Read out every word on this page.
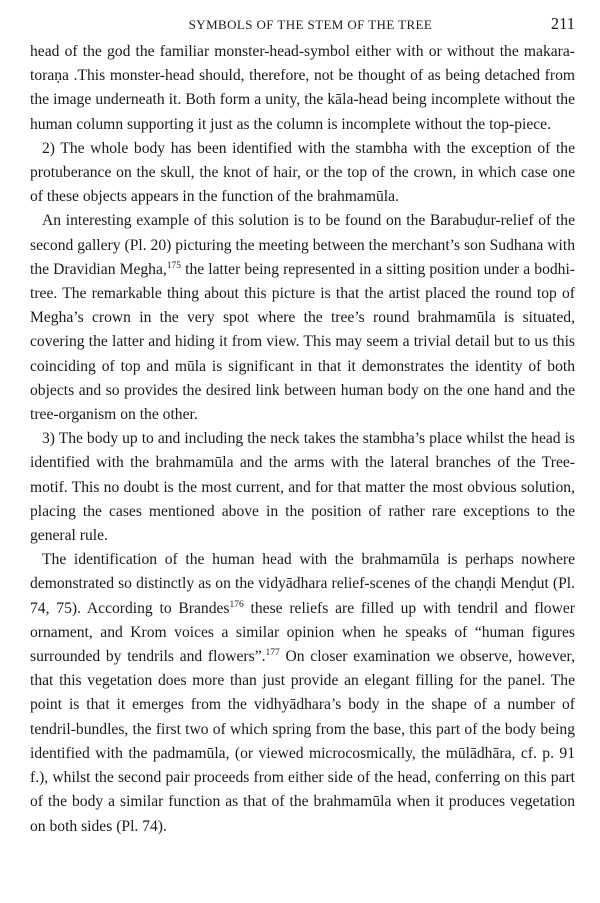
SYMBOLS OF THE STEM OF THE TREE	211

head of the god the familiar monster-head-symbol either with or without the makara-toraṇa .This monster-head should, therefore, not be thought of as being detached from the image underneath it. Both form a unity, the kāla-head being incomplete without the human column supporting it just as the column is incomplete without the top-piece.

2) The whole body has been identified with the stambha with the exception of the protuberance on the skull, the knot of hair, or the top of the crown, in which case one of these objects appears in the function of the brahmamūla.

An interesting example of this solution is to be found on the Barabuḍur-relief of the second gallery (Pl. 20) picturing the meeting between the merchant’s son Sudhana with the Dravidian Megha,$^{175}$ the latter being represented in a sitting position under a bodhi-tree. The remarkable thing about this picture is that the artist placed the round top of Megha’s crown in the very spot where the tree’s round brahmamūla is situated, covering the latter and hiding it from view. This may seem a trivial detail but to us this coinciding of top and mūla is significant in that it demonstrates the identity of both objects and so provides the desired link between human body on the one hand and the tree-organism on the other.

3) The body up to and including the neck takes the stambha’s place whilst the head is identified with the brahmamūla and the arms with the lateral branches of the Tree-motif. This no doubt is the most current, and for that matter the most obvious solution, placing the cases mentioned above in the position of rather rare exceptions to the general rule.

The identification of the human head with the brahmamūla is perhaps nowhere demonstrated so distinctly as on the vidyādhara relief-scenes of the chaṇḍi Menḍut (Pl. 74, 75). According to Brandes$^{176}$ these reliefs are filled up with tendril and flower ornament, and Krom voices a similar opinion when he speaks of “human figures surrounded by tendrils and flowers”.$^{177}$ On closer examination we observe, however, that this vegetation does more than just provide an elegant filling for the panel. The point is that it emerges from the vidhyādhara’s body in the shape of a number of tendril-bundles, the first two of which spring from the base, this part of the body being identified with the padmamūla, (or viewed microcosmically, the mūlādhāra, cf. p. 91 f.), whilst the second pair proceeds from either side of the head, conferring on this part of the body a similar function as that of the brahmamūla when it produces vegetation on both sides (Pl. 74).
